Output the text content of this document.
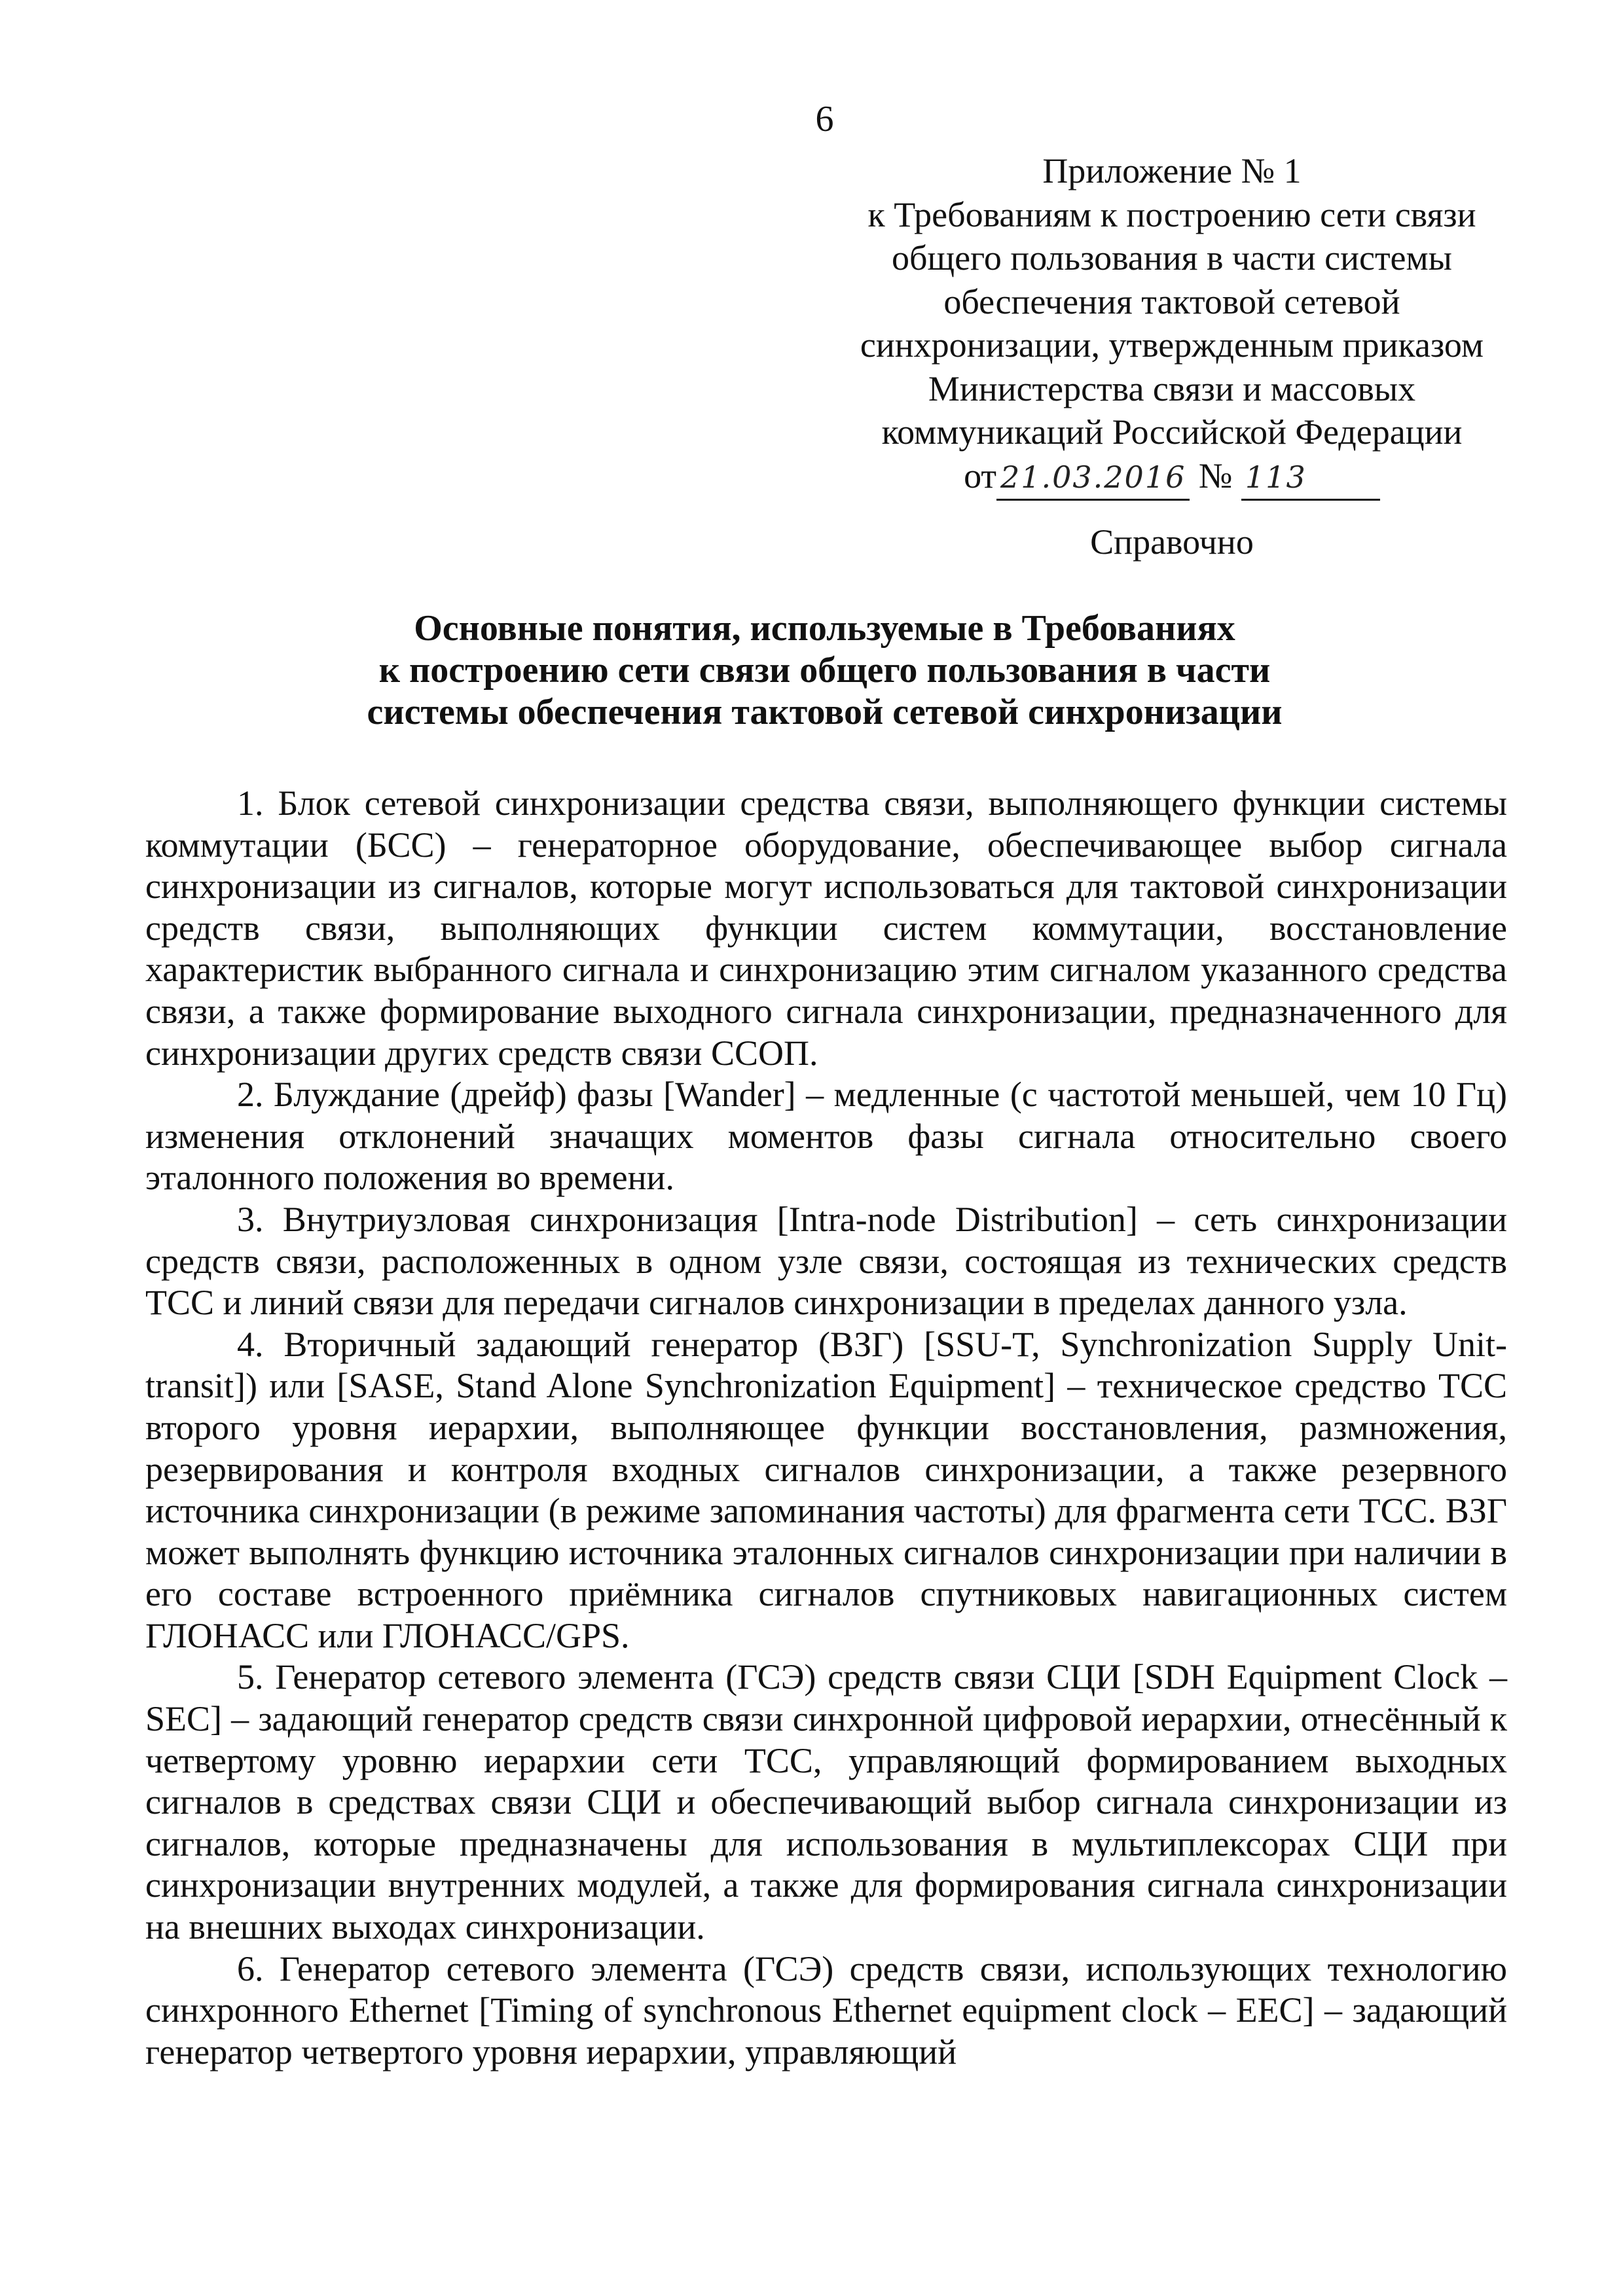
6
Приложение № 1
к Требованиям к построению сети связи
общего пользования в части системы
обеспечения тактовой сетевой
синхронизации, утвержденным приказом
Министерства связи и массовых
коммуникаций Российской Федерации
от 21.03.2016 № 113
Справочно
Основные понятия, используемые в Требованиях
к построению сети связи общего пользования в части
системы обеспечения тактовой сетевой синхронизации

1. Блок сетевой синхронизации средства связи, выполняющего функции системы коммутации (БСС) – генераторное оборудование, обеспечивающее выбор сигнала синхронизации из сигналов, которые могут использоваться для тактовой синхронизации средств связи, выполняющих функции систем коммутации, восстановление характеристик выбранного сигнала и синхронизацию этим сигналом указанного средства связи, а также формирование выходного сигнала синхронизации, предназначенного для синхронизации других средств связи ССОП.

2. Блуждание (дрейф) фазы [Wander] – медленные (с частотой меньшей, чем 10 Гц) изменения отклонений значащих моментов фазы сигнала относительно своего эталонного положения во времени.

3. Внутриузловая синхронизация [Intra-node Distribution] – сеть синхронизации средств связи, расположенных в одном узле связи, состоящая из технических средств ТСС и линий связи для передачи сигналов синхронизации в пределах данного узла.

4. Вторичный задающий генератор (ВЗГ) [SSU-T, Synchronization Supply Unit-transit]) или [SASE, Stand Alone Synchronization Equipment] – техническое средство ТСС второго уровня иерархии, выполняющее функции восстановления, размножения, резервирования и контроля входных сигналов синхронизации, а также резервного источника синхронизации (в режиме запоминания частоты) для фрагмента сети ТСС. ВЗГ может выполнять функцию источника эталонных сигналов синхронизации при наличии в его составе встроенного приёмника сигналов спутниковых навигационных систем ГЛОНАСС или ГЛОНАСС/GPS.

5. Генератор сетевого элемента (ГСЭ) средств связи СЦИ [SDH Equipment Clock – SEC] – задающий генератор средств связи синхронной цифровой иерархии, отнесённый к четвертому уровню иерархии сети ТСС, управляющий формированием выходных сигналов в средствах связи СЦИ и обеспечивающий выбор сигнала синхронизации из сигналов, которые предназначены для использования в мультиплексорах СЦИ при синхронизации внутренних модулей, а также для формирования сигнала синхронизации на внешних выходах синхронизации.

6. Генератор сетевого элемента (ГСЭ) средств связи, использующих технологию синхронного Ethernet [Timing of synchronous Ethernet equipment clock – EEC] – задающий генератор четвертого уровня иерархии, управляющий
